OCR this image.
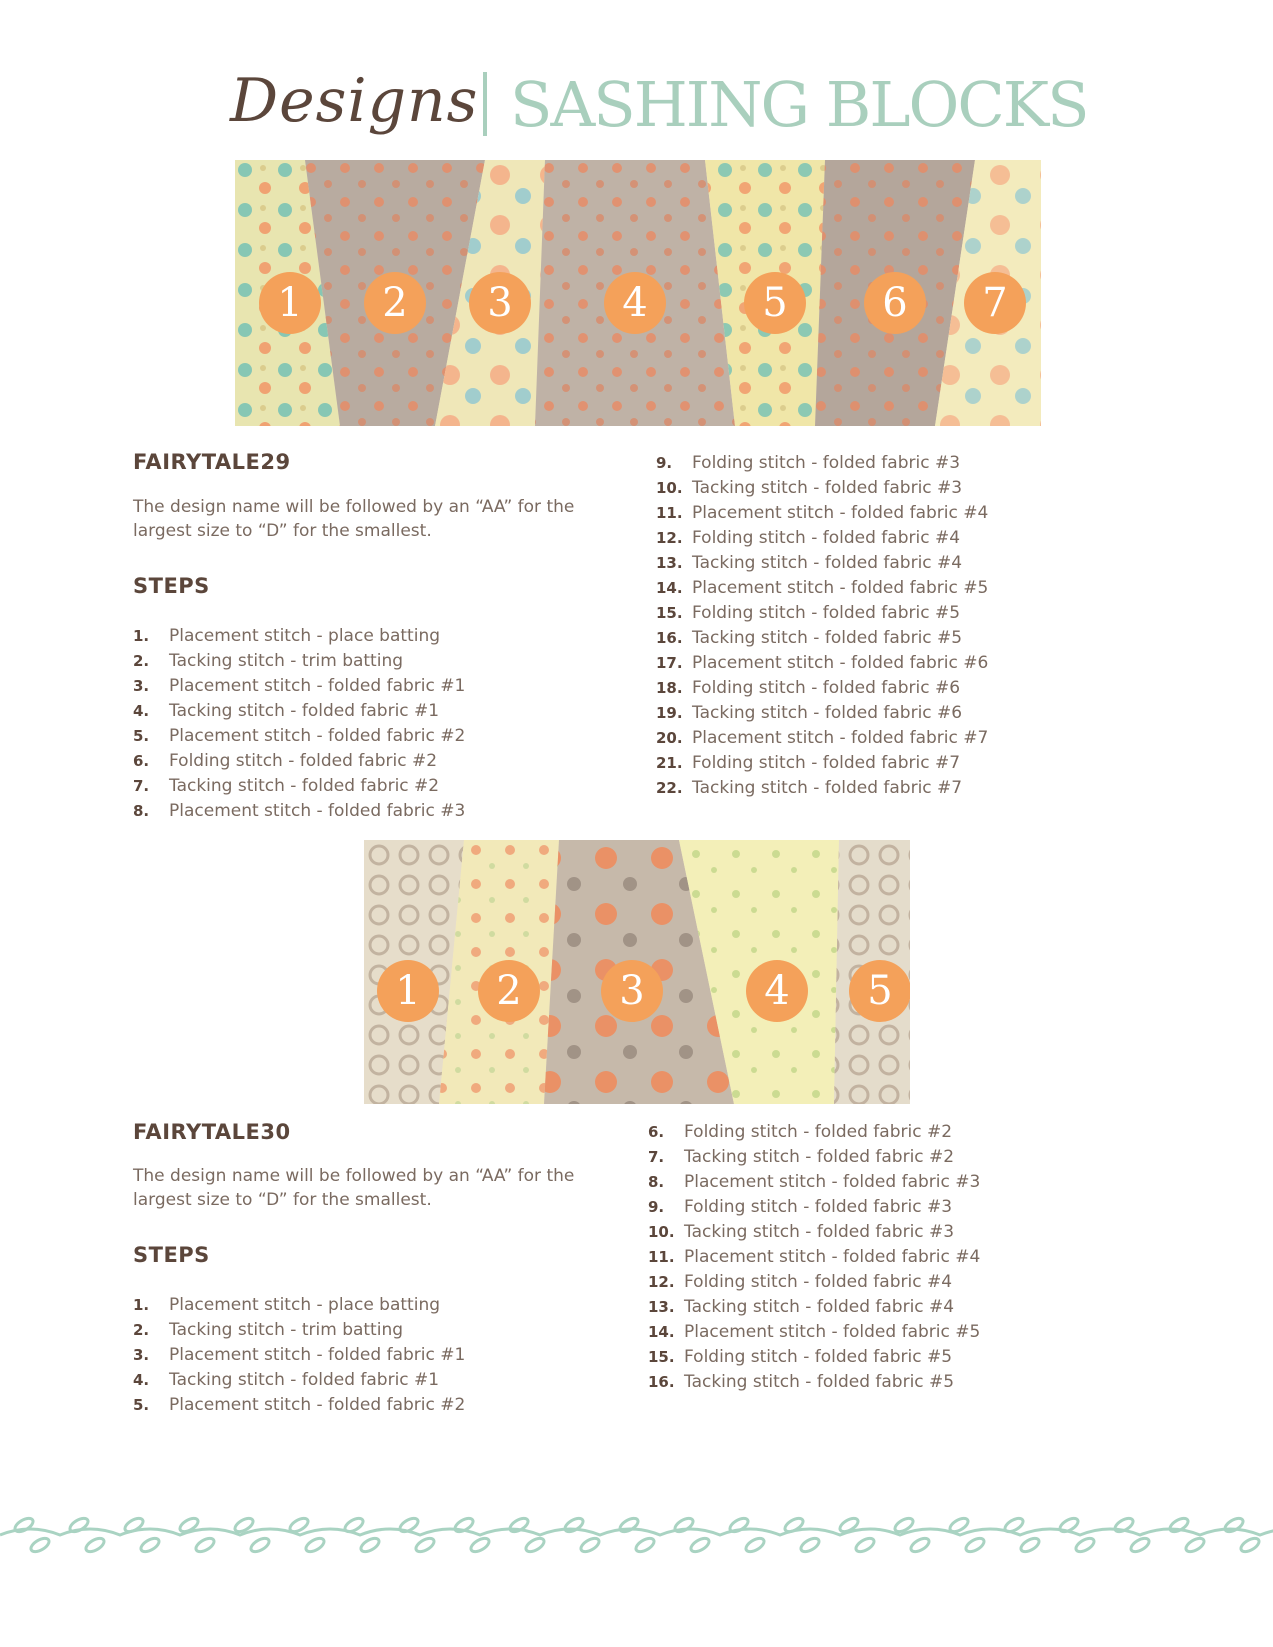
Designs SASHING BLOCKS
1	2	3	4	5	6	7
FAIRYTALE29
The design name will be followed by an “AA” for the largest size to “D” for the smallest.
STEPS
1.	Placement stitch - place batting
2.	Tacking stitch - trim batting
3.	Placement stitch - folded fabric #1
4.	Tacking stitch - folded fabric #1
5.	Placement stitch - folded fabric #2
6.	Folding stitch - folded fabric #2
7.	Tacking stitch - folded fabric #2
8.	Placement stitch - folded fabric #3
9.	Folding stitch - folded fabric #3
10. Tacking stitch - folded fabric #3
11. Placement stitch - folded fabric #4
12. Folding stitch - folded fabric #4
13. Tacking stitch - folded fabric #4
14. Placement stitch - folded fabric #5
15. Folding stitch - folded fabric #5
16. Tacking stitch - folded fabric #5
17. Placement stitch - folded fabric #6
18. Folding stitch - folded fabric #6
19. Tacking stitch - folded fabric #6
20. Placement stitch - folded fabric #7
21. Folding stitch - folded fabric #7
22. Tacking stitch - folded fabric #7
1	2	3	4	5
FAIRYTALE30
The design name will be followed by an “AA” for the largest size to “D” for the smallest.
STEPS
1.	Placement stitch - place batting
2.	Tacking stitch - trim batting
3.	Placement stitch - folded fabric #1
4.	Tacking stitch - folded fabric #1
5.	Placement stitch - folded fabric #2
6.	Folding stitch - folded fabric #2
7.	Tacking stitch - folded fabric #2
8.	Placement stitch - folded fabric #3
9.	Folding stitch - folded fabric #3
10. Tacking stitch - folded fabric #3
11. Placement stitch - folded fabric #4
12. Folding stitch - folded fabric #4
13. Tacking stitch - folded fabric #4
14. Placement stitch - folded fabric #5
15. Folding stitch - folded fabric #5
16. Tacking stitch - folded fabric #5
